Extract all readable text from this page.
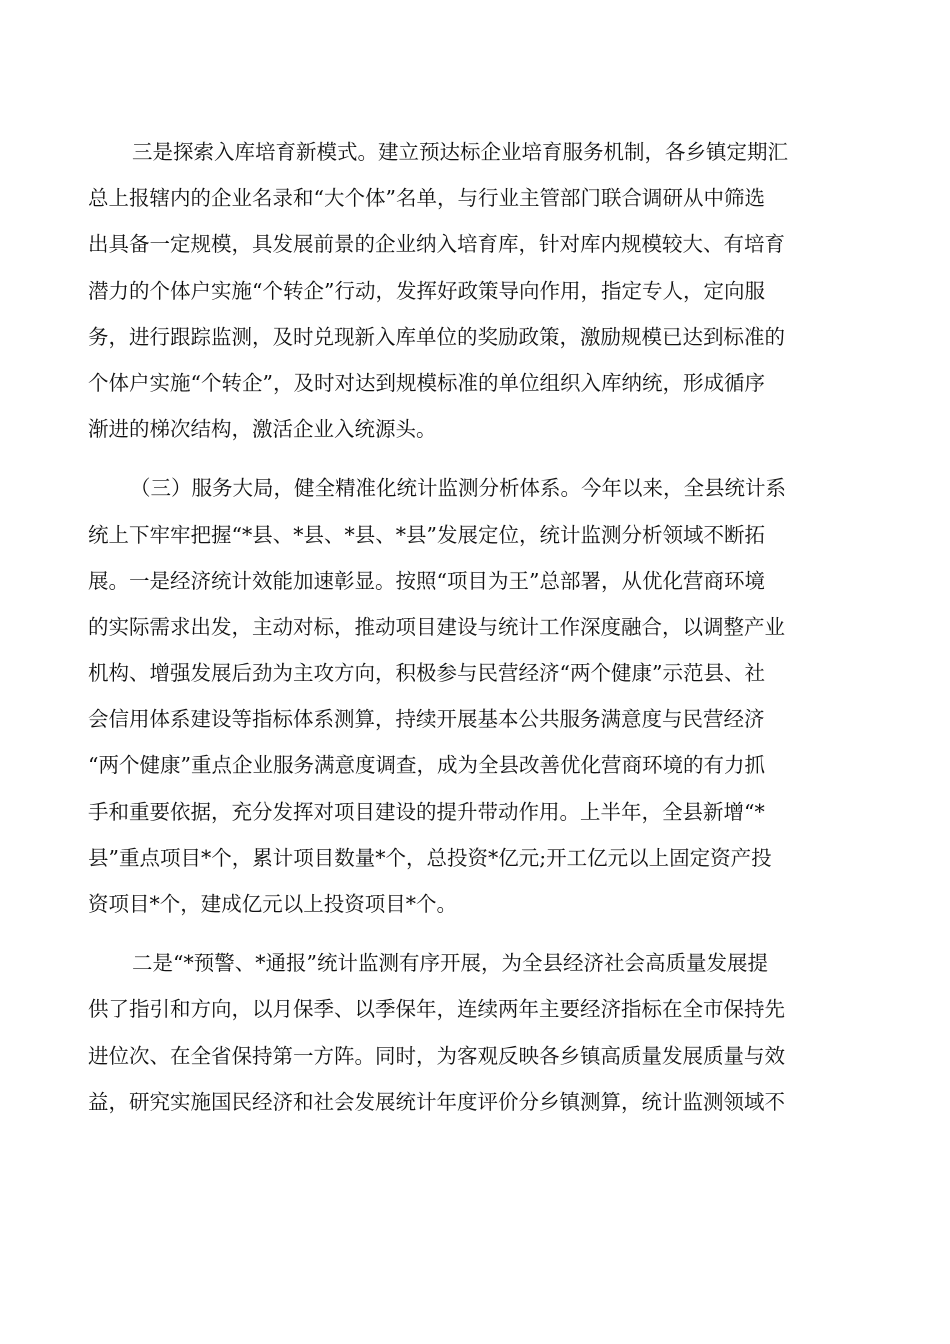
三是探索入库培育新模式。建立预达标企业培育服务机制，各乡镇定期汇
总上报辖内的企业名录和“大个体”名单，与行业主管部门联合调研从中筛选
出具备一定规模，具发展前景的企业纳入培育库，针对库内规模较大、有培育
潜力的个体户实施“个转企”行动，发挥好政策导向作用，指定专人，定向服
务，进行跟踪监测，及时兑现新入库单位的奖励政策，激励规模已达到标准的
个体户实施“个转企”，及时对达到规模标准的单位组织入库纳统，形成循序
渐进的梯次结构，激活企业入统源头。
（三）服务大局，健全精准化统计监测分析体系。今年以来，全县统计系
统上下牢牢把握“*县、*县、*县、*县”发展定位，统计监测分析领域不断拓
展。一是经济统计效能加速彰显。按照“项目为王”总部署，从优化营商环境
的实际需求出发，主动对标，推动项目建设与统计工作深度融合，以调整产业
机构、增强发展后劲为主攻方向，积极参与民营经济“两个健康”示范县、社
会信用体系建设等指标体系测算，持续开展基本公共服务满意度与民营经济
“两个健康”重点企业服务满意度调查，成为全县改善优化营商环境的有力抓
手和重要依据，充分发挥对项目建设的提升带动作用。上半年，全县新增“*
县”重点项目*个，累计项目数量*个，总投资*亿元;开工亿元以上固定资产投
资项目*个，建成亿元以上投资项目*个。
二是“*预警、*通报”统计监测有序开展，为全县经济社会高质量发展提
供了指引和方向，以月保季、以季保年，连续两年主要经济指标在全市保持先
进位次、在全省保持第一方阵。同时，为客观反映各乡镇高质量发展质量与效
益，研究实施国民经济和社会发展统计年度评价分乡镇测算，统计监测领域不
